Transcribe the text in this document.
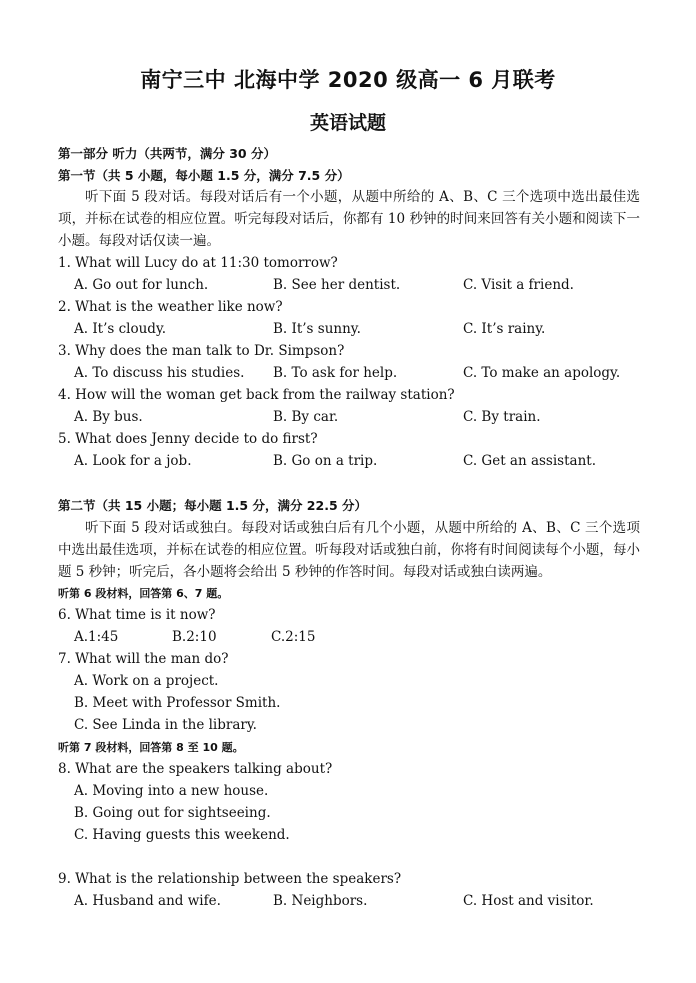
南宁三中 北海中学 2020 级高一 6 月联考
英语试题
第一部分 听力（共两节，满分 30 分）
第一节（共 5 小题，每小题 1.5 分，满分 7.5 分）
听下面 5 段对话。每段对话后有一个小题，从题中所给的 A、B、C 三个选项中选出最佳选项，并标在试卷的相应位置。听完每段对话后，你都有 10 秒钟的时间来回答有关小题和阅读下一小题。每段对话仅读一遍。
1. What will Lucy do at 11:30 tomorrow?
A. Go out for lunch.	B. See her dentist.	C. Visit a friend.
2. What is the weather like now?
A. It’s cloudy.	B. It’s sunny.	C. It’s rainy.
3. Why does the man talk to Dr. Simpson?
A. To discuss his studies. B. To ask for help.	C. To make an apology.
4. How will the woman get back from the railway station?
A. By bus.	B. By car.	C. By train.
5. What does Jenny decide to do first?
A. Look for a job.	B. Go on a trip.	C. Get an assistant.
第二节（共 15 小题；每小题 1.5 分，满分 22.5 分）
听下面 5 段对话或独白。每段对话或独白后有几个小题，从题中所给的 A、B、C 三个选项中选出最佳选项，并标在试卷的相应位置。听每段对话或独白前，你将有时间阅读每个小题，每小题 5 秒钟；听完后，各小题将会给出 5 秒钟的作答时间。每段对话或独白读两遍。
听第 6 段材料，回答第 6、7 题。
6. What time is it now?
A.1:45	B.2:10	C.2:15
7. What will the man do?
A. Work on a project.
B. Meet with Professor Smith.
C. See Linda in the library.
听第 7 段材料，回答第 8 至 10 题。
8. What are the speakers talking about?
A. Moving into a new house.
B. Going out for sightseeing.
C. Having guests this weekend.
9. What is the relationship between the speakers?
A. Husband and wife.	B. Neighbors.	C. Host and visitor.
